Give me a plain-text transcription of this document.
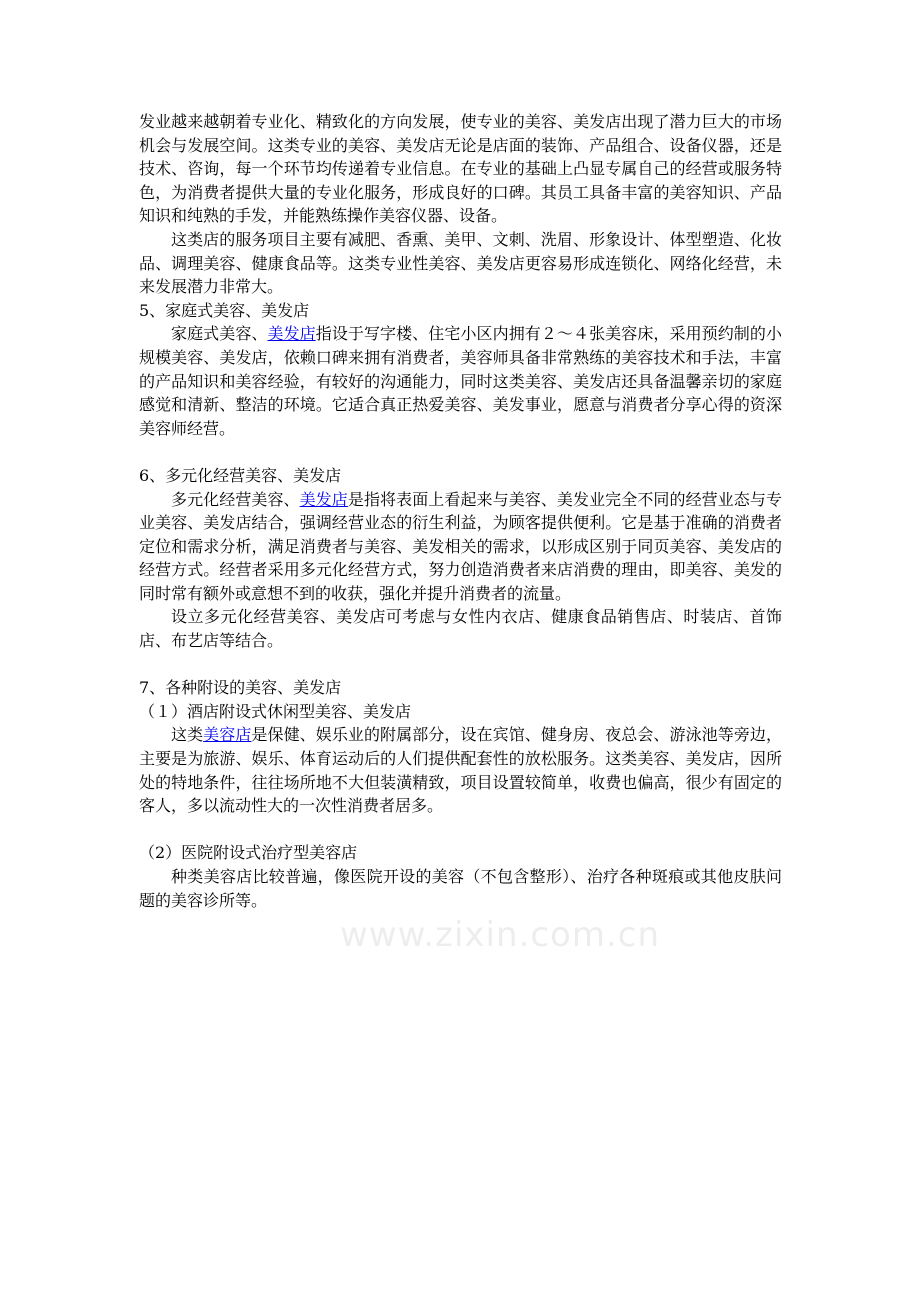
发业越来越朝着专业化、精致化的方向发展，使专业的美容、美发店出现了潜力巨大的市场机会与发展空间。这类专业的美容、美发店无论是店面的装饰、产品组合、设备仪器，还是技术、咨询，每一个环节均传递着专业信息。在专业的基础上凸显专属自己的经营或服务特色，为消费者提供大量的专业化服务，形成良好的口碑。其员工具备丰富的美容知识、产品知识和纯熟的手发，并能熟练操作美容仪器、设备。

这类店的服务项目主要有减肥、香熏、美甲、文刺、洗眉、形象设计、体型塑造、化妆品、调理美容、健康食品等。这类专业性美容、美发店更容易形成连锁化、网络化经营，未来发展潜力非常大。

5、家庭式美容、美发店

家庭式美容、美发店指设于写字楼、住宅小区内拥有２～４张美容床，采用预约制的小规模美容、美发店，依赖口碑来拥有消费者，美容师具备非常熟练的美容技术和手法，丰富的产品知识和美容经验，有较好的沟通能力，同时这类美容、美发店还具备温馨亲切的家庭感觉和清新、整洁的环境。它适合真正热爱美容、美发事业，愿意与消费者分享心得的资深美容师经营。

6、多元化经营美容、美发店

多元化经营美容、美发店是指将表面上看起来与美容、美发业完全不同的经营业态与专业美容、美发店结合，强调经营业态的衍生利益，为顾客提供便利。它是基于准确的消费者定位和需求分析，满足消费者与美容、美发相关的需求，以形成区别于同页美容、美发店的经营方式。经营者采用多元化经营方式，努力创造消费者来店消费的理由，即美容、美发的同时常有额外或意想不到的收获，强化并提升消费者的流量。

设立多元化经营美容、美发店可考虑与女性内衣店、健康食品销售店、时装店、首饰店、布艺店等结合。

7、各种附设的美容、美发店

（１）酒店附设式休闲型美容、美发店

这类美容店是保健、娱乐业的附属部分，设在宾馆、健身房、夜总会、游泳池等旁边，主要是为旅游、娱乐、体育运动后的人们提供配套性的放松服务。这类美容、美发店，因所处的特地条件，往往场所地不大但装潢精致，项目设置较简单，收费也偏高，很少有固定的客人，多以流动性大的一次性消费者居多。

（2）医院附设式治疗型美容店

种类美容店比较普遍，像医院开设的美容（不包含整形）、治疗各种斑痕或其他皮肤问题的美容诊所等。

www.zixin.com.cn
